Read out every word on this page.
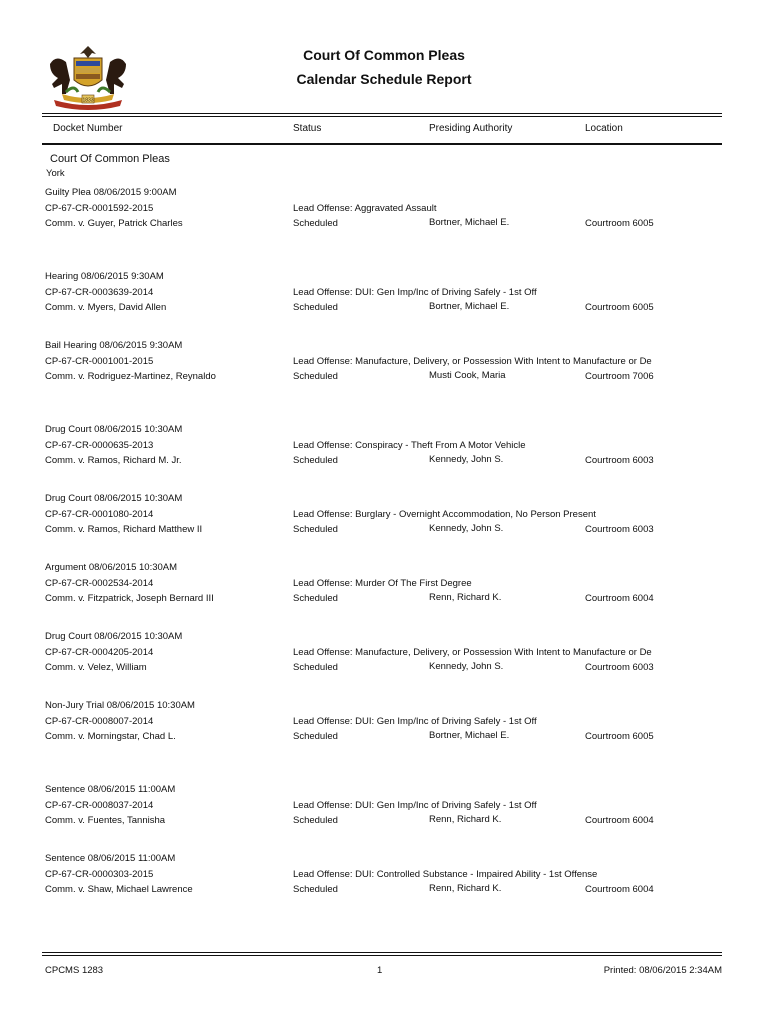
1833
Court Of Common Pleas
Calendar Schedule Report
Docket Number	Status	Presiding Authority	Location
Court Of Common Pleas
York
Guilty Plea 08/06/2015 9:00AM
CP-67-CR-0001592-2015	Lead Offense: Aggravated Assault
Comm. v. Guyer, Patrick Charles	Scheduled	Bortner, Michael E.	Courtroom 6005
Hearing 08/06/2015 9:30AM
CP-67-CR-0003639-2014	Lead Offense: DUI: Gen Imp/Inc of Driving Safely - 1st Off
Comm. v. Myers, David Allen	Scheduled	Bortner, Michael E.	Courtroom 6005
Bail Hearing 08/06/2015 9:30AM
CP-67-CR-0001001-2015	Lead Offense: Manufacture, Delivery, or Possession With Intent to Manufacture or De
Comm. v. Rodriguez-Martinez, Reynaldo	Scheduled	Musti Cook, Maria	Courtroom 7006
Drug Court 08/06/2015 10:30AM
CP-67-CR-0000635-2013	Lead Offense: Conspiracy - Theft From A Motor Vehicle
Comm. v. Ramos, Richard M. Jr.	Scheduled	Kennedy, John S.	Courtroom 6003
Drug Court 08/06/2015 10:30AM
CP-67-CR-0001080-2014	Lead Offense: Burglary - Overnight Accommodation, No Person Present
Comm. v. Ramos, Richard Matthew II	Scheduled	Kennedy, John S.	Courtroom 6003
Argument 08/06/2015 10:30AM
CP-67-CR-0002534-2014	Lead Offense: Murder Of The First Degree
Comm. v. Fitzpatrick, Joseph Bernard III	Scheduled	Renn, Richard K.	Courtroom 6004
Drug Court 08/06/2015 10:30AM
CP-67-CR-0004205-2014	Lead Offense: Manufacture, Delivery, or Possession With Intent to Manufacture or De
Comm. v. Velez, William	Scheduled	Kennedy, John S.	Courtroom 6003
Non-Jury Trial 08/06/2015 10:30AM
CP-67-CR-0008007-2014	Lead Offense: DUI: Gen Imp/Inc of Driving Safely - 1st Off
Comm. v. Morningstar, Chad L.	Scheduled	Bortner, Michael E.	Courtroom 6005
Sentence 08/06/2015 11:00AM
CP-67-CR-0008037-2014	Lead Offense: DUI: Gen Imp/Inc of Driving Safely - 1st Off
Comm. v. Fuentes, Tannisha	Scheduled	Renn, Richard K.	Courtroom 6004
Sentence 08/06/2015 11:00AM
CP-67-CR-0000303-2015	Lead Offense: DUI: Controlled Substance - Impaired Ability - 1st Offense
Comm. v. Shaw, Michael Lawrence	Scheduled	Renn, Richard K.	Courtroom 6004
CPCMS 1283	1	Printed: 08/06/2015 2:34AM
